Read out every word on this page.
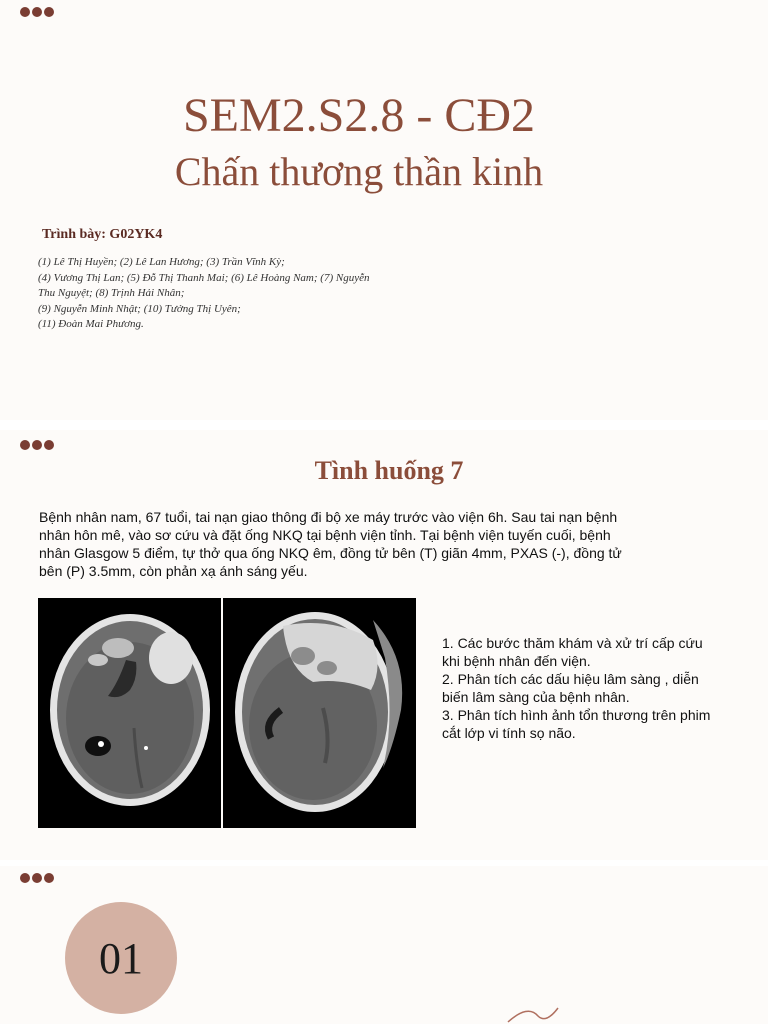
SEM2.S2.8 - CĐ2
Chấn thương thần kinh
Trình bày: G02YK4
(1) Lê Thị Huyền; (2) Lê Lan Hương; (3) Trần Vĩnh Kỳ;
(4) Vương Thị Lan; (5) Đỗ Thị Thanh Mai; (6) Lê Hoàng Nam; (7) Nguyễn
Thu Nguyệt; (8) Trịnh Hải Nhân;
(9) Nguyễn Minh Nhật; (10) Tưởng Thị Uyên;
(11) Đoàn Mai Phương.
Tình huống 7
Bệnh nhân nam, 67 tuổi, tai nạn giao thông đi bộ xe máy trước vào viện 6h. Sau tai nạn bệnh
nhân hôn mê, vào sơ cứu và đặt ống NKQ tại bệnh viện tỉnh. Tại bệnh viện tuyến cuối, bệnh
nhân Glasgow 5 điểm, tự thở qua ống NKQ êm, đồng tử bên (T) giãn 4mm, PXAS (-), đồng tử
bên (P) 3.5mm, còn phản xạ ánh sáng yếu.
1. Các bước thăm khám và xử trí cấp cứu
khi bệnh nhân đến viện.
2. Phân tích các dấu hiệu lâm sàng , diễn
biến lâm sàng của bệnh nhân.
3. Phân tích hình ảnh tổn thương trên phim
cắt lớp vi tính sọ não.
01
